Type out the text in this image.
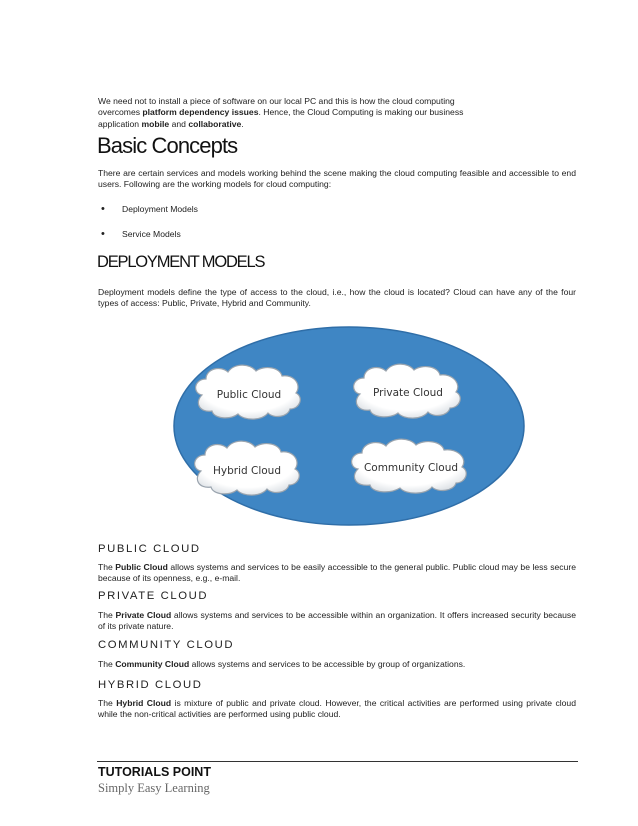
We need not to install a piece of software on our local PC and this is how the cloud computing
overcomes platform dependency issues. Hence, the Cloud Computing is making our business
application mobile and collaborative.

Basic Concepts

There are certain services and models working behind the scene making the cloud computing feasible and accessible to end users. Following are the working models for cloud computing:

• Deployment Models
• Service Models
DEPLOYMENT MODELS

Deployment models define the type of access to the cloud, i.e., how the cloud is located? Cloud can have any of the four types of access: Public, Private, Hybrid and Community.

Public Cloud	Private Cloud
Hybrid Cloud	Community Cloud
PUBLIC CLOUD

The Public Cloud allows systems and services to be easily accessible to the general public. Public cloud may be less secure because of its openness, e.g., e-mail.

PRIVATE CLOUD

The Private Cloud allows systems and services to be accessible within an organization. It offers increased security because of its private nature.

COMMUNITY CLOUD

The Community Cloud allows systems and services to be accessible by group of organizations.

HYBRID CLOUD

The Hybrid Cloud is mixture of public and private cloud. However, the critical activities are performed using private cloud while the non-critical activities are performed using public cloud.

TUTORIALS POINT
Simply Easy Learning
